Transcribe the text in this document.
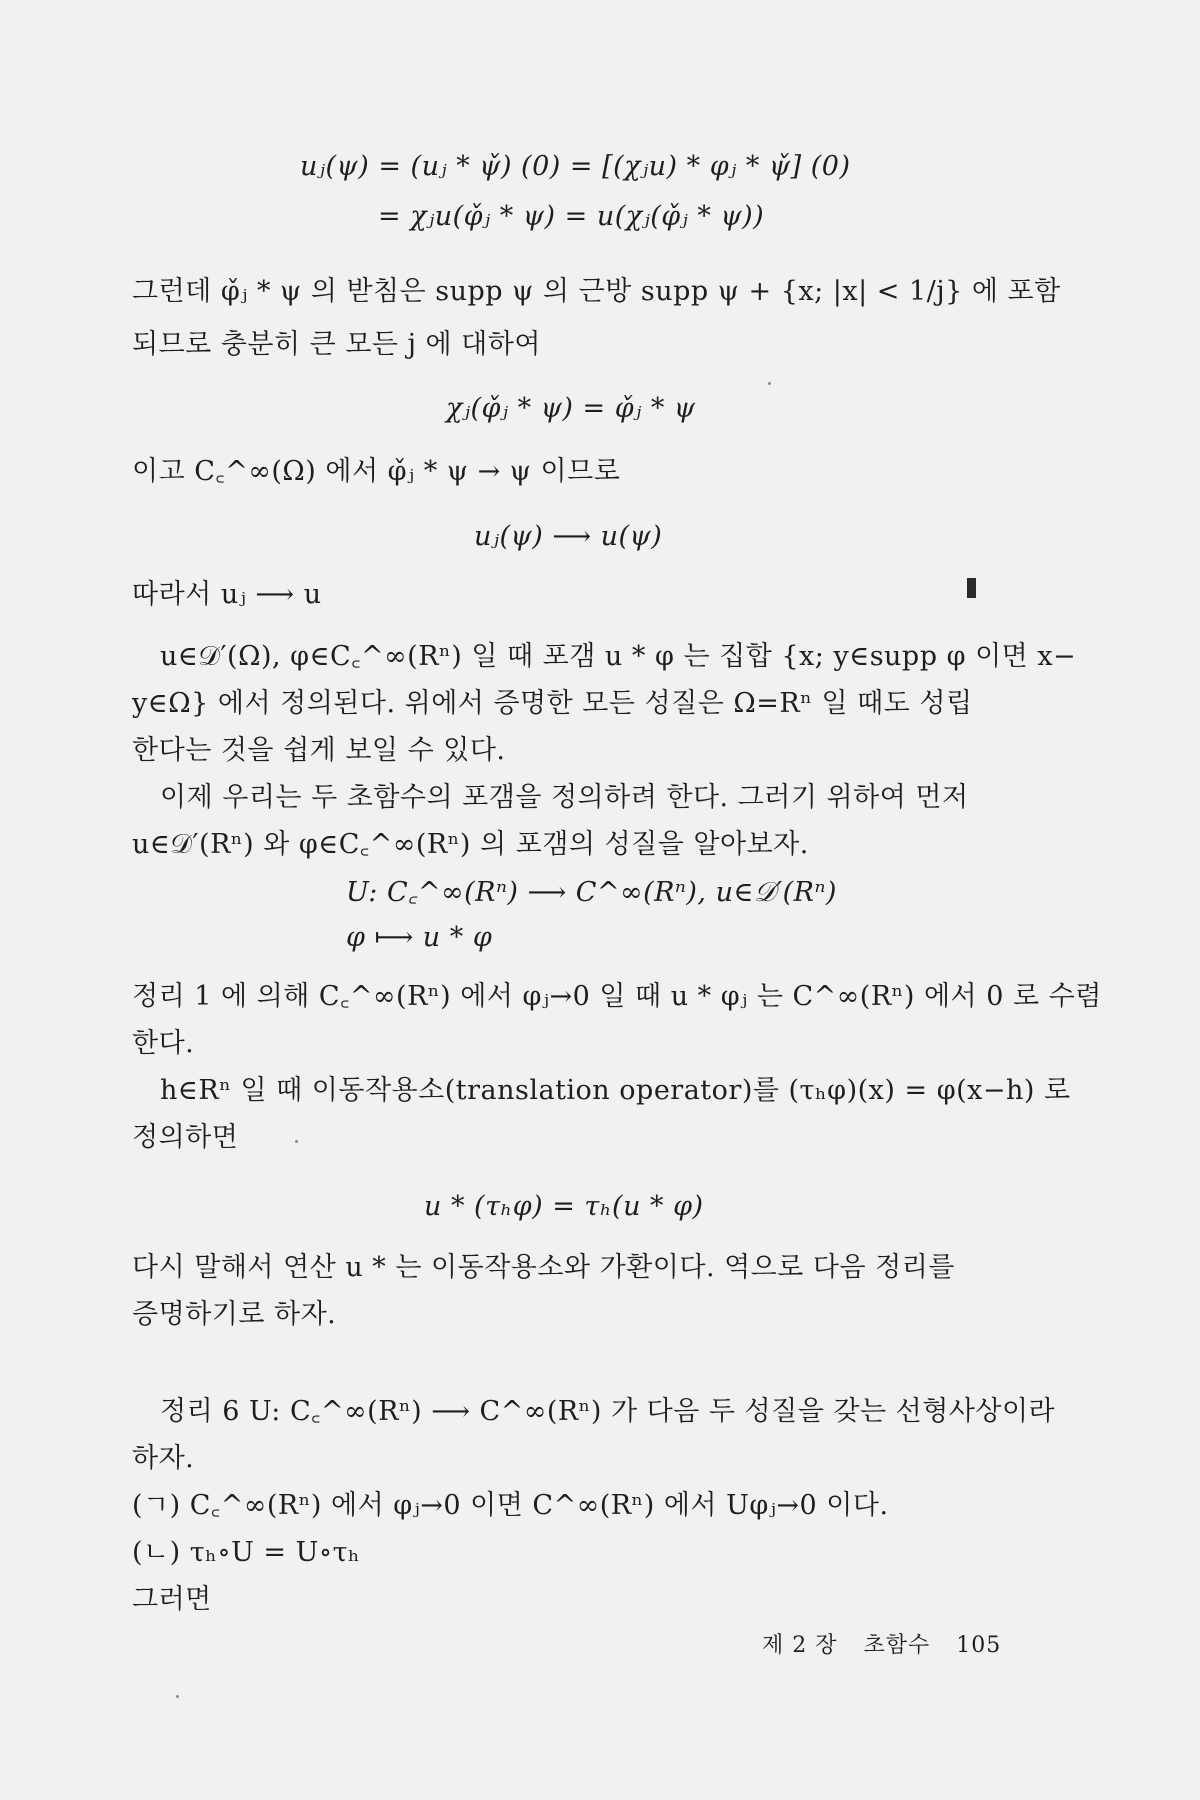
uⱼ(ψ) = (uⱼ * ψ̌) (0) = [(χⱼu) * φⱼ * ψ̌] (0)
= χⱼu(φ̌ⱼ * ψ) = u(χⱼ(φ̌ⱼ * ψ))
그런데 φ̌ⱼ * ψ 의 받침은 supp ψ 의 근방 supp ψ + {x; |x| < 1/j} 에 포함
되므로 충분히 큰 모든 j 에 대하여
χⱼ(φ̌ⱼ * ψ) = φ̌ⱼ * ψ
이고 C꜀^∞(Ω) 에서 φ̌ⱼ * ψ → ψ 이므로
uⱼ(ψ) ⟶ u(ψ)
따라서 uⱼ ⟶ u
u∈𝒟′(Ω), φ∈C꜀^∞(Rⁿ) 일 때 포갬 u * φ 는 집합 {x; y∈supp φ 이면 x−
y∈Ω} 에서 정의된다. 위에서 증명한 모든 성질은 Ω=Rⁿ 일 때도 성립
한다는 것을 쉽게 보일 수 있다.
이제 우리는 두 초함수의 포갬을 정의하려 한다. 그러기 위하여 먼저
u∈𝒟′(Rⁿ) 와 φ∈C꜀^∞(Rⁿ) 의 포갬의 성질을 알아보자.
U: C꜀^∞(Rⁿ) ⟶ C^∞(Rⁿ), u∈𝒟′(Rⁿ)
φ ⟼ u * φ
정리 1 에 의해 C꜀^∞(Rⁿ) 에서 φⱼ→0 일 때 u * φⱼ 는 C^∞(Rⁿ) 에서 0 로 수렴
한다.
h∈Rⁿ 일 때 이동작용소(translation operator)를 (τₕφ)(x) = φ(x−h) 로
정의하면
u * (τₕφ) = τₕ(u * φ)
다시 말해서 연산 u * 는 이동작용소와 가환이다. 역으로 다음 정리를
증명하기로 하자.
정리 6 U: C꜀^∞(Rⁿ) ⟶ C^∞(Rⁿ) 가 다음 두 성질을 갖는 선형사상이라
하자.
(ㄱ) C꜀^∞(Rⁿ) 에서 φⱼ→0 이면 C^∞(Rⁿ) 에서 Uφⱼ→0 이다.
(ㄴ) τₕ∘U = U∘τₕ
그러면
제 2 장 초함수 105
